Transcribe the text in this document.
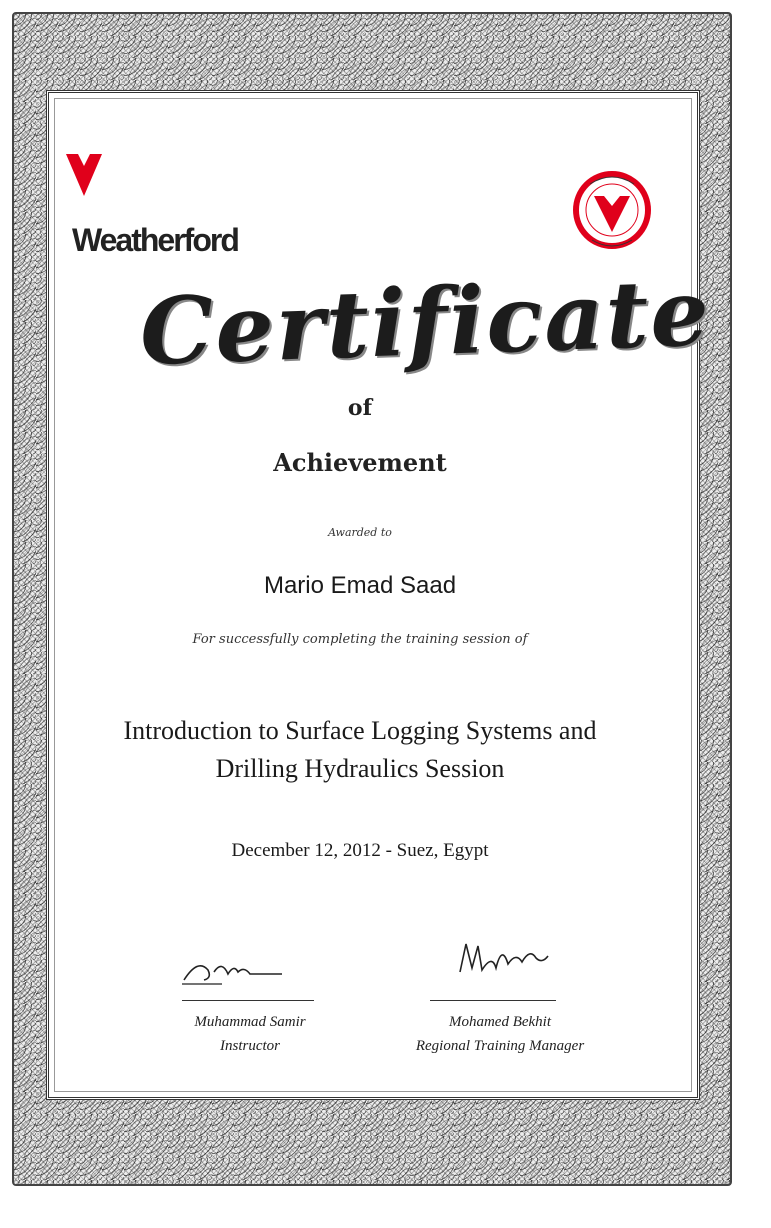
Weatherford
Certificate
of
Achievement
Awarded to
Mario Emad Saad
For successfully completing the training session of
Introduction to Surface Logging Systems and Drilling Hydraulics Session
December 12, 2012 - Suez, Egypt
Muhammad Samir
Instructor
Mohamed Bekhit
Regional Training Manager
